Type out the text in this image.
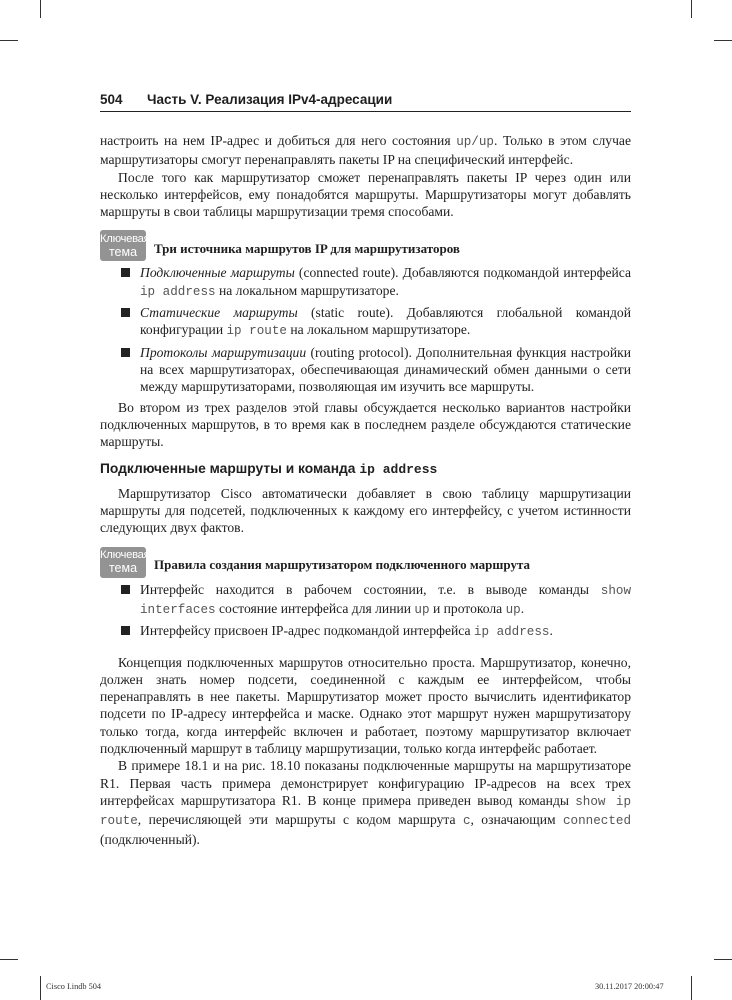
504 Часть V. Реализация IPv4-адресации

настроить на нем IP-адрес и добиться для него состояния up/up. Только в этом случае маршрутизаторы смогут перенаправлять пакеты IP на специфический интерфейс.

После того как маршрутизатор сможет перенаправлять пакеты IP через один или несколько интерфейсов, ему понадобятся маршруты. Маршрутизаторы могут добавлять маршруты в свои таблицы маршрутизации тремя способами.

Ключевая
тема	Три источника маршрутов IP для маршрутизаторов
Подключенные маршруты (connected route). Добавляются подкомандой интерфейса ip address на локальном маршрутизаторе.
Статические маршруты (static route). Добавляются глобальной командой конфигурации ip route на локальном маршрутизаторе.
Протоколы маршрутизации (routing protocol). Дополнительная функция настройки на всех маршрутизаторах, обеспечивающая динамический обмен данными о сети между маршрутизаторами, позволяющая им изучить все маршруты.

Во втором из трех разделов этой главы обсуждается несколько вариантов настройки подключенных маршрутов, в то время как в последнем разделе обсуждаются статические маршруты.

Подключенные маршруты и команда ip address

Маршрутизатор Cisco автоматически добавляет в свою таблицу маршрутизации маршруты для подсетей, подключенных к каждому его интерфейсу, с учетом истинности следующих двух фактов.

Ключевая
тема	Правила создания маршрутизатором подключенного маршрута
Интерфейс находится в рабочем состоянии, т.е. в выводе команды show interfaces состояние интерфейса для линии up и протокола up.
Интерфейсу присвоен IP-адрес подкомандой интерфейса ip address.

Концепция подключенных маршрутов относительно проста. Маршрутизатор, конечно, должен знать номер подсети, соединенной с каждым ее интерфейсом, чтобы перенаправлять в нее пакеты. Маршрутизатор может просто вычислить идентификатор подсети по IP-адресу интерфейса и маске. Однако этот маршрут нужен маршрутизатору только тогда, когда интерфейс включен и работает, поэтому маршрутизатор включает подключенный маршрут в таблицу маршрутизации, только когда интерфейс работает.

В примере 18.1 и на рис. 18.10 показаны подключенные маршруты на маршрутизаторе R1. Первая часть примера демонстрирует конфигурацию IP-адресов на всех трех интерфейсах маршрутизатора R1. В конце примера приведен вывод команды show ip route, перечисляющей эти маршруты с кодом маршрута c, означающим connected (подключенный).

Cisco I.indb 504	30.11.2017 20:00:47
